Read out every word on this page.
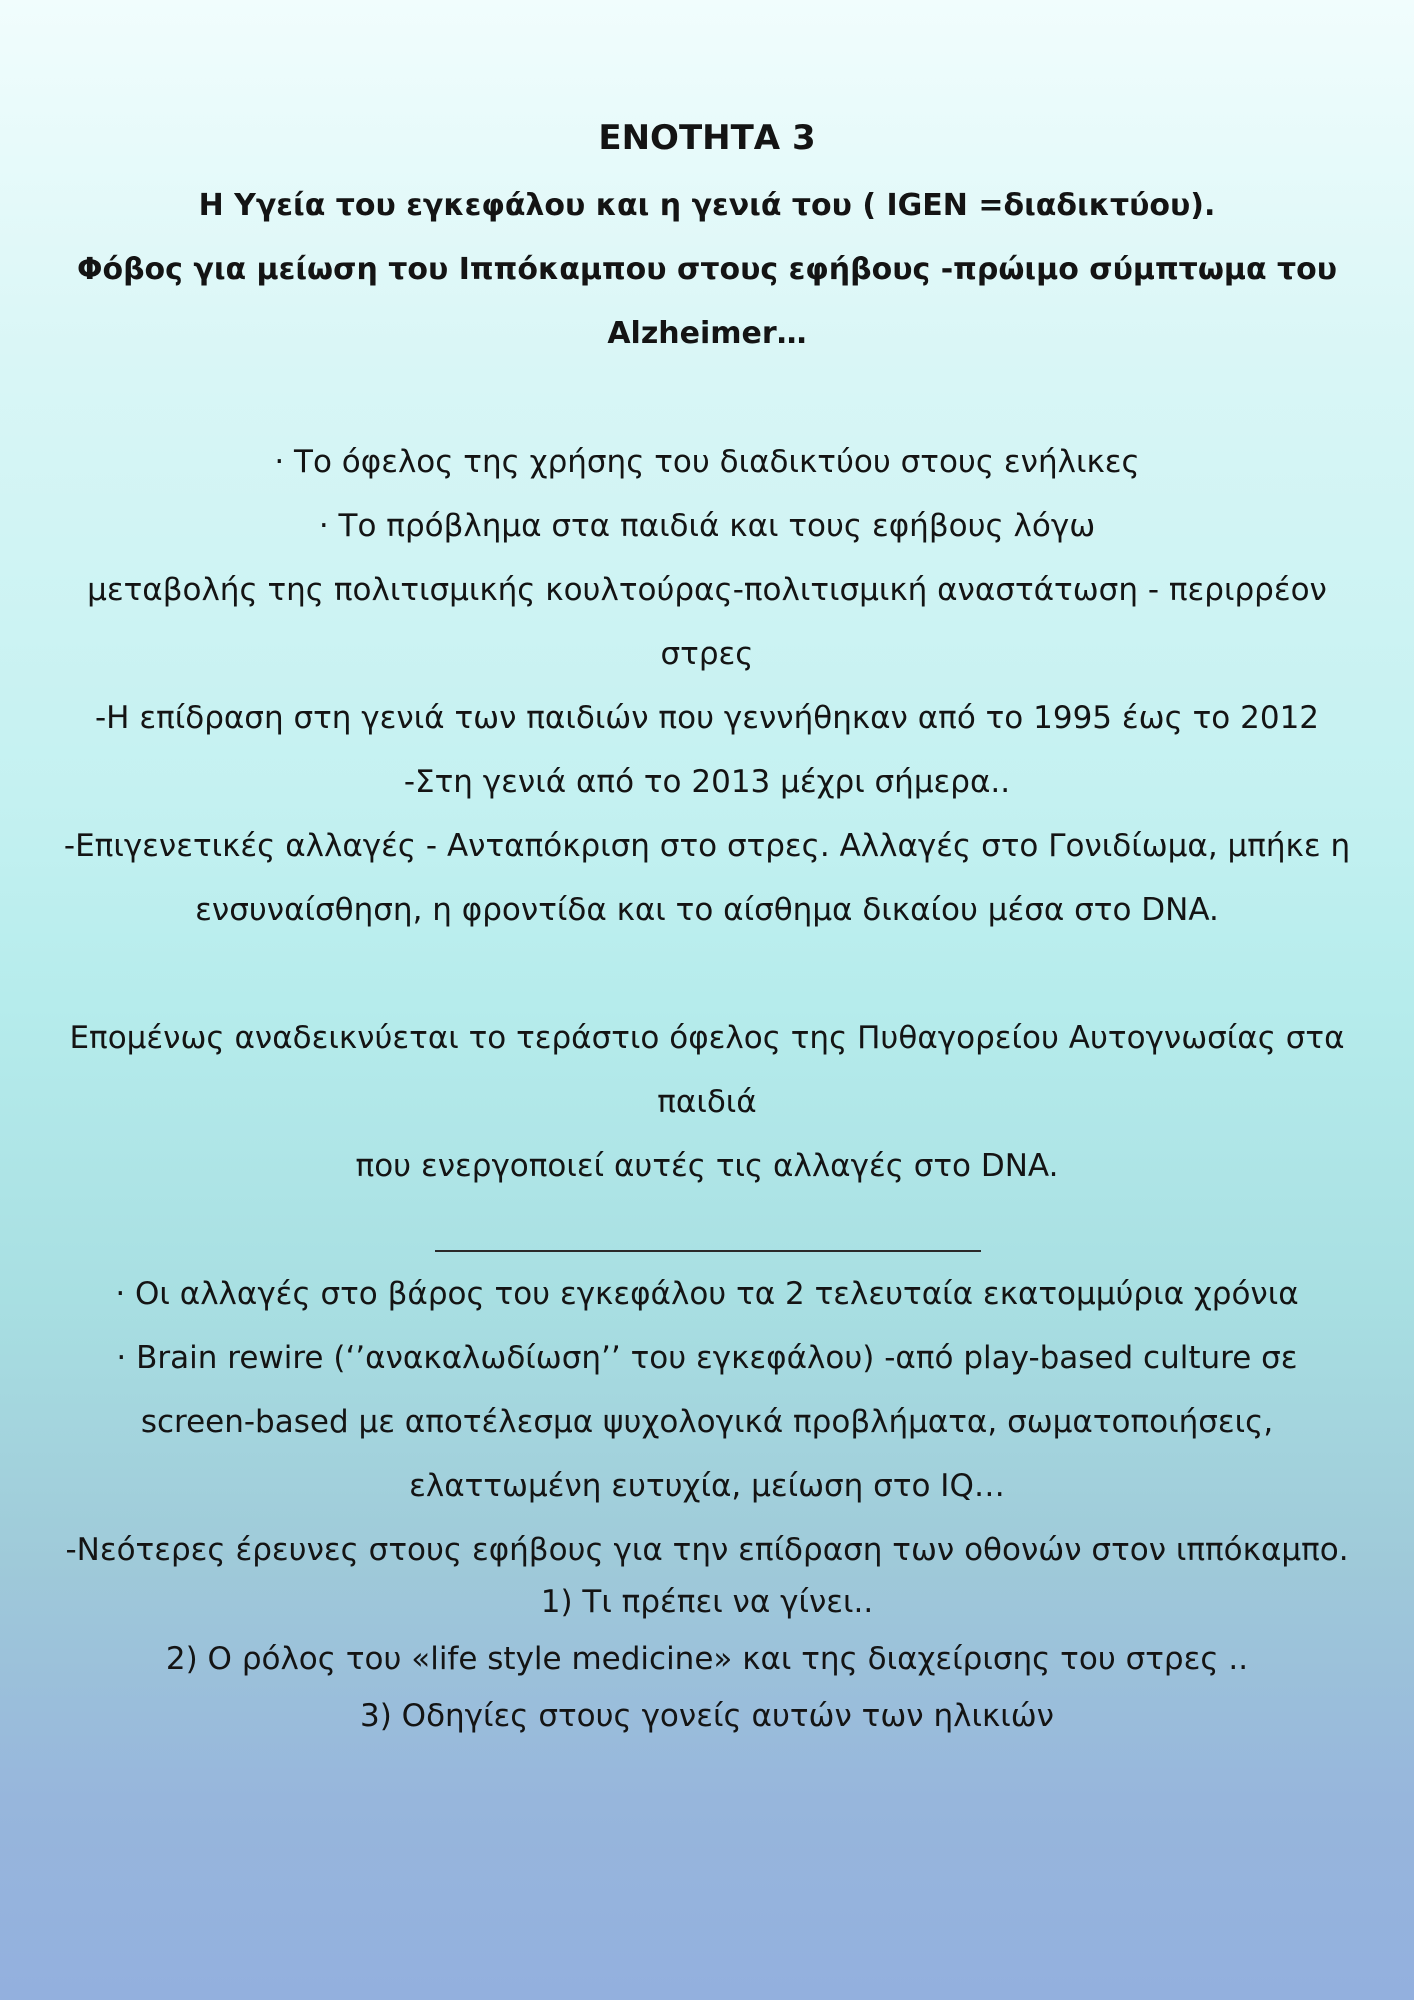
ΕΝΟΤΗΤΑ 3
Η Υγεία του εγκεφάλου και η γενιά του ( IGEN =διαδικτύου).
Φόβος για μείωση του Ιππόκαμπου στους εφήβους -πρώιμο σύμπτωμα του
Alzheimer…
· Το όφελος της χρήσης του διαδικτύου στους ενήλικες
· Το πρόβλημα στα παιδιά και τους εφήβους λόγω
μεταβολής της πολιτισμικής κουλτούρας-πολιτισμική αναστάτωση - περιρρέον
στρες
-Η επίδραση στη γενιά των παιδιών που γεννήθηκαν από το 1995 έως το 2012
-Στη γενιά από το 2013 μέχρι σήμερα..
-Επιγενετικές αλλαγές - Ανταπόκριση στο στρες. Αλλαγές στο Γονιδίωμα, μπήκε η
ενσυναίσθηση, η φροντίδα και το αίσθημα δικαίου μέσα στο DNA.
Επομένως αναδεικνύεται το τεράστιο όφελος της Πυθαγορείου Αυτογνωσίας στα
παιδιά
που ενεργοποιεί αυτές τις αλλαγές στο DNA.
· Οι αλλαγές στο βάρος του εγκεφάλου τα 2 τελευταία εκατομμύρια χρόνια
· Brain rewire (‘’ανακαλωδίωση’’ του εγκεφάλου) -από play-based culture σε
screen-based με αποτέλεσμα ψυχολογικά προβλήματα, σωματοποιήσεις,
ελαττωμένη ευτυχία, μείωση στο IQ…
-Νεότερες έρευνες στους εφήβους για την επίδραση των οθονών στον ιππόκαμπο.
1) Τι πρέπει να γίνει..
2) Ο ρόλος του «life style medicine» και της διαχείρισης του στρες ..
3) Οδηγίες στους γονείς αυτών των ηλικιών
